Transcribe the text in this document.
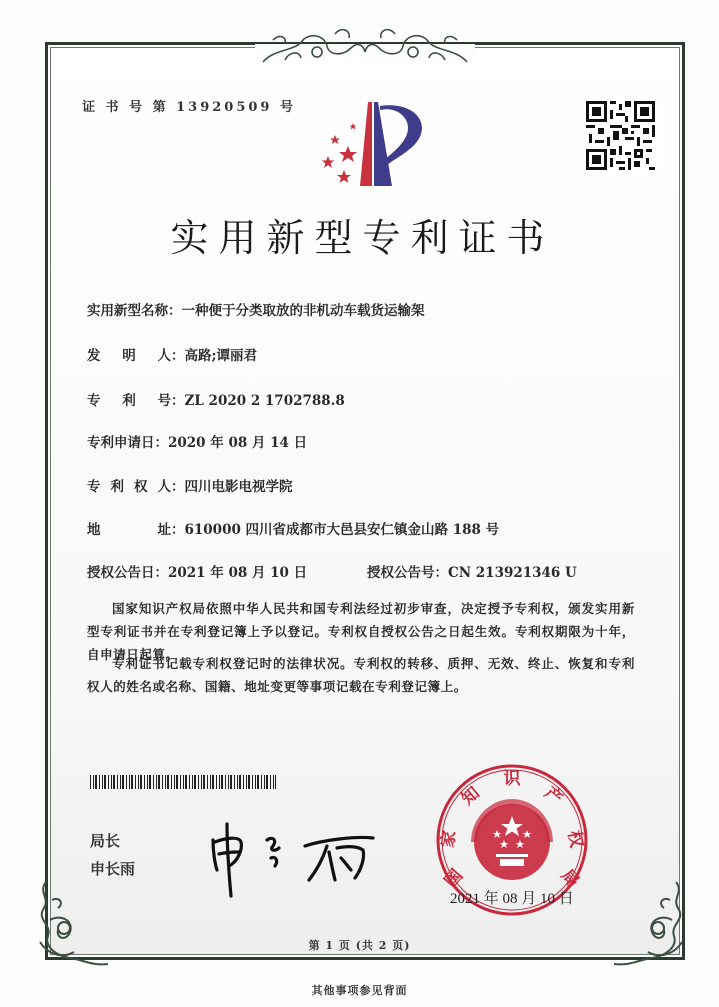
证 书 号 第 13920509 号
实用新型专利证书
实用新型名称：一种便于分类取放的非机动车载货运输架
发 明 人 ：高路;谭丽君
专 利 号 ：ZL 2020 2 1702788.8
专利申请日：2020 年 08 月 14 日
专 利 权 人 ：四川电影电视学院
地	址 ：610000 四川省成都市大邑县安仁镇金山路 188 号
授权公告日：2021 年 08 月 10 日	授权公告号：CN 213921346 U

国家知识产权局依照中华人民共和国专利法经过初步审查，决定授予专利权，颁发实用新型专利证书并在专利登记簿上予以登记。专利权自授权公告之日起生效。专利权期限为十年，自申请日起算。

专利证书记载专利权登记时的法律状况。专利权的转移、质押、无效、终止、恢复和专利权人的姓名或名称、国籍、地址变更等事项记载在专利登记簿上。

局长
申长雨	国
家
知
识
产
权
局
2021 年 08 月 10 日
第 1 页 (共 2 页)
其他事项参见背面
